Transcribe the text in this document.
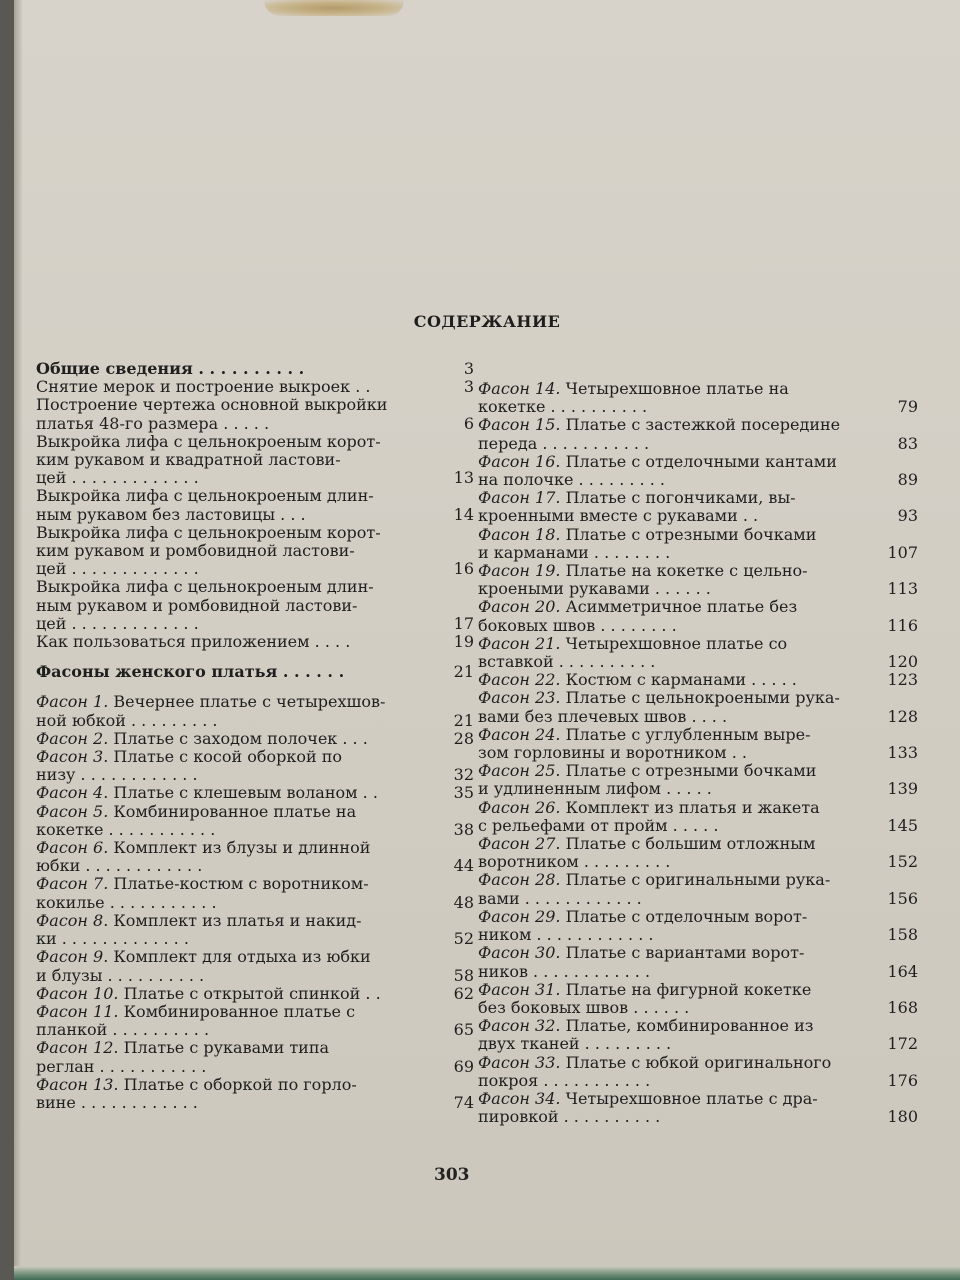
СОДЕРЖАНИЕ
Общие сведения . . . . . . . . . .	3
Снятие мерок и построение выкроек . .	3
Построение чертежа основной выкройки
платья 48-го размера . . . . .	6
Выкройка лифа с цельнокроеным корот-
ким рукавом и квадратной ластови-
цей . . . . . . . . . . . . .	13
Выкройка лифа с цельнокроеным длин-
ным рукавом без ластовицы . . .	14
Выкройка лифа с цельнокроеным корот-
ким рукавом и ромбовидной ластови-
цей . . . . . . . . . . . . .	16
Выкройка лифа с цельнокроеным длин-
ным рукавом и ромбовидной ластови-
цей . . . . . . . . . . . . .	17
Как пользоваться приложением . . . .	19
Фасоны женского платья . . . . . .	21
Фасон 1. Вечернее платье с четырехшов-
ной юбкой . . . . . . . . .	21
Фасон 2. Платье с заходом полочек . . .	28
Фасон 3. Платье с косой оборкой по
низу . . . . . . . . . . . .	32
Фасон 4. Платье с клешевым воланом . .	35
Фасон 5. Комбинированное платье на
кокетке . . . . . . . . . . .	38
Фасон 6. Комплект из блузы и длинной
юбки . . . . . . . . . . . .	44
Фасон 7. Платье-костюм с воротником-
кокилье . . . . . . . . . . .	48
Фасон 8. Комплект из платья и накид-
ки . . . . . . . . . . . . .	52
Фасон 9. Комплект для отдыха из юбки
и блузы . . . . . . . . . .	58
Фасон 10. Платье с открытой спинкой . .	62
Фасон 11. Комбинированное платье с
планкой . . . . . . . . . .	65
Фасон 12. Платье с рукавами типа
реглан . . . . . . . . . . .	69
Фасон 13. Платье с оборкой по горло-
вине . . . . . . . . . . . .	74
Фасон 14. Четырехшовное платье на
кокетке . . . . . . . . . .	79
Фасон 15. Платье с застежкой посередине
переда . . . . . . . . . . .	83
Фасон 16. Платье с отделочными кантами
на полочке . . . . . . . . .	89
Фасон 17. Платье с погончиками, вы-
кроенными вместе с рукавами . .	93
Фасон 18. Платье с отрезными бочками
и карманами . . . . . . . .	107
Фасон 19. Платье на кокетке с цельно-
кроеными рукавами . . . . . .	113
Фасон 20. Асимметричное платье без
боковых швов . . . . . . . .	116
Фасон 21. Четырехшовное платье со
вставкой . . . . . . . . . .	120
Фасон 22. Костюм с карманами . . . . .	123
Фасон 23. Платье с цельнокроеными рука-
вами без плечевых швов . . . .	128
Фасон 24. Платье с углубленным выре-
зом горловины и воротником . .	133
Фасон 25. Платье с отрезными бочками
и удлиненным лифом . . . . .	139
Фасон 26. Комплект из платья и жакета
с рельефами от пройм . . . . .	145
Фасон 27. Платье с большим отложным
воротником . . . . . . . . .	152
Фасон 28. Платье с оригинальными рука-
вами . . . . . . . . . . . .	156
Фасон 29. Платье с отделочным ворот-
ником . . . . . . . . . . . .	158
Фасон 30. Платье с вариантами ворот-
ников . . . . . . . . . . . .	164
Фасон 31. Платье на фигурной кокетке
без боковых швов . . . . . .	168
Фасон 32. Платье, комбинированное из
двух тканей . . . . . . . . .	172
Фасон 33. Платье с юбкой оригинального
покроя . . . . . . . . . . .	176
Фасон 34. Четырехшовное платье с дра-
пировкой . . . . . . . . . .	180
303
